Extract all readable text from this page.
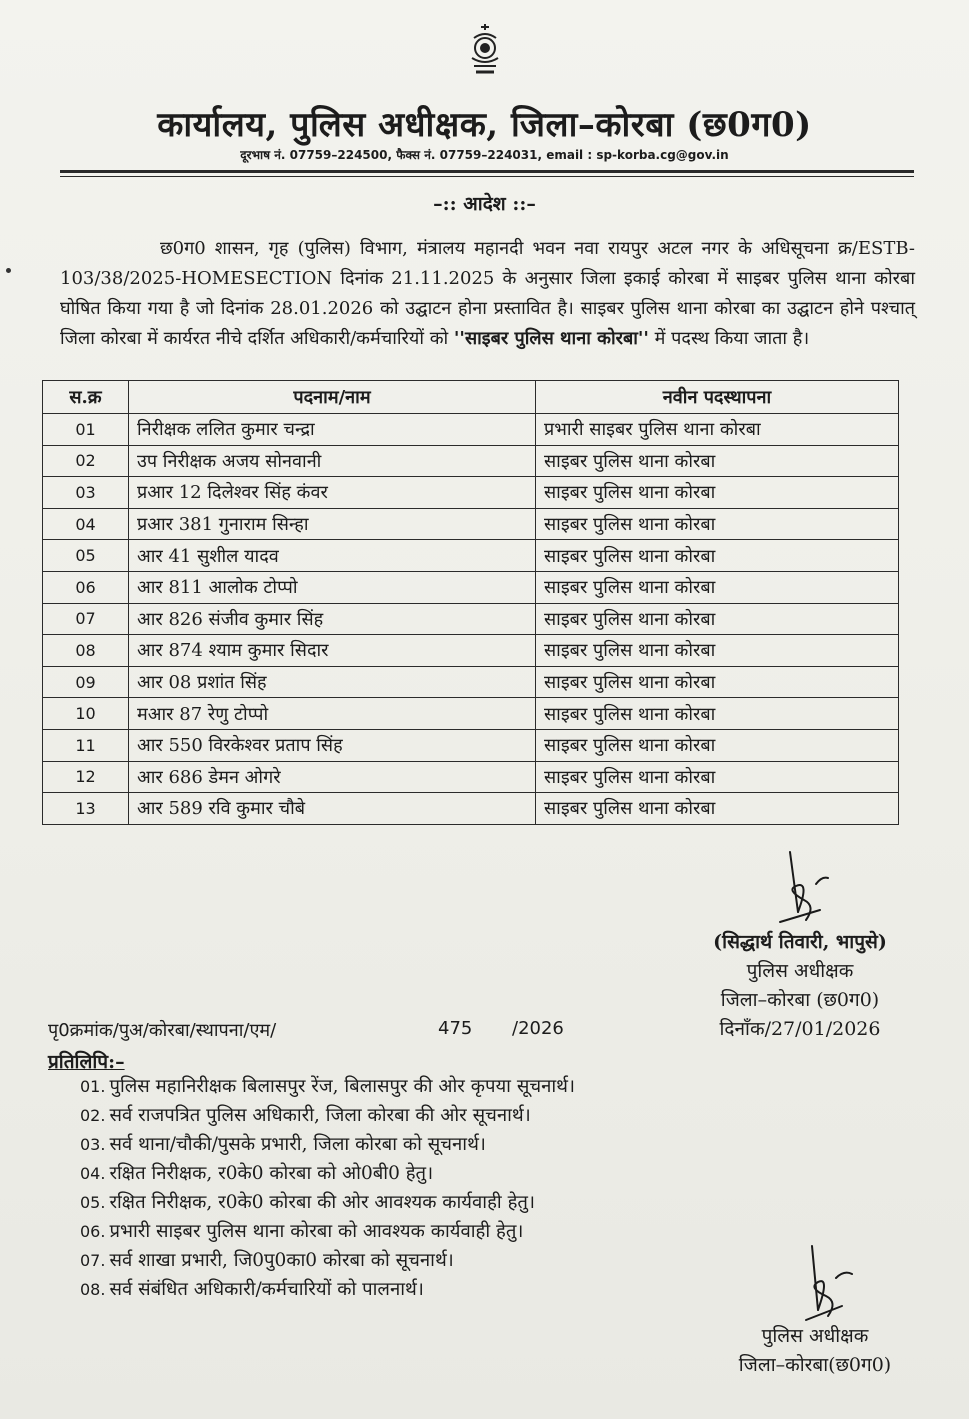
कार्यालय, पुलिस अधीक्षक, जिला–कोरबा (छ0ग0)
दूरभाष नं. 07759–224500, फैक्स नं. 07759–224031, email : sp-korba.cg@gov.in
–:: आदेश ::–

छ0ग0 शासन, गृह (पुलिस) विभाग, मंत्रालय महानदी भवन नवा रायपुर अटल नगर के अधिसूचना क्र/ESTB-103/38/2025-HOMESECTION दिनांक 21.11.2025 के अनुसार जिला इकाई कोरबा में साइबर पुलिस थाना कोरबा घोषित किया गया है जो दिनांक 28.01.2026 को उद्घाटन होना प्रस्तावित है। साइबर पुलिस थाना कोरबा का उद्घाटन होने पश्चात् जिला कोरबा में कार्यरत नीचे दर्शित अधिकारी/कर्मचारियों को ''साइबर पुलिस थाना कोरबा'' में पदस्थ किया जाता है।

स.क्र	पदनाम/नाम	नवीन पदस्थापना
01	निरीक्षक ललित कुमार चन्द्रा	प्रभारी साइबर पुलिस थाना कोरबा
02	उप निरीक्षक अजय सोनवानी	साइबर पुलिस थाना कोरबा
03	प्रआर 12 दिलेश्वर सिंह कंवर	साइबर पुलिस थाना कोरबा
04	प्रआर 381 गुनाराम सिन्हा	साइबर पुलिस थाना कोरबा
05	आर 41 सुशील यादव	साइबर पुलिस थाना कोरबा
06	आर 811 आलोक टोप्पो	साइबर पुलिस थाना कोरबा
07	आर 826 संजीव कुमार सिंह	साइबर पुलिस थाना कोरबा
08	आर 874 श्याम कुमार सिदार	साइबर पुलिस थाना कोरबा
09	आर 08 प्रशांत सिंह	साइबर पुलिस थाना कोरबा
10	मआर 87 रेणु टोप्पो	साइबर पुलिस थाना कोरबा
11	आर 550 विरकेश्वर प्रताप सिंह	साइबर पुलिस थाना कोरबा
12	आर 686 डेमन ओगरे	साइबर पुलिस थाना कोरबा
13	आर 589 रवि कुमार चौबे	साइबर पुलिस थाना कोरबा
(सिद्धार्थ तिवारी, भापुसे)
पुलिस अधीक्षक
जिला–कोरबा (छ0ग0)
दिनाँक/27/01/2026
पृ0क्रमांक/पुअ/कोरबा/स्थापना/एम/	475 /2026
प्रतिलिपि:–
01. पुलिस महानिरीक्षक बिलासपुर रेंज, बिलासपुर की ओर कृपया सूचनार्थ।
02. सर्व राजपत्रित पुलिस अधिकारी, जिला कोरबा की ओर सूचनार्थ।
03. सर्व थाना/चौकी/पुसके प्रभारी, जिला कोरबा को सूचनार्थ।
04. रक्षित निरीक्षक, र0के0 कोरबा को ओ0बी0 हेतु।
05. रक्षित निरीक्षक, र0के0 कोरबा की ओर आवश्यक कार्यवाही हेतु।
06. प्रभारी साइबर पुलिस थाना कोरबा को आवश्यक कार्यवाही हेतु।
07. सर्व शाखा प्रभारी, जि0पु0का0 कोरबा को सूचनार्थ।
08. सर्व संबंधित अधिकारी/कर्मचारियों को पालनार्थ।
पुलिस अधीक्षक
जिला–कोरबा(छ0ग0)
